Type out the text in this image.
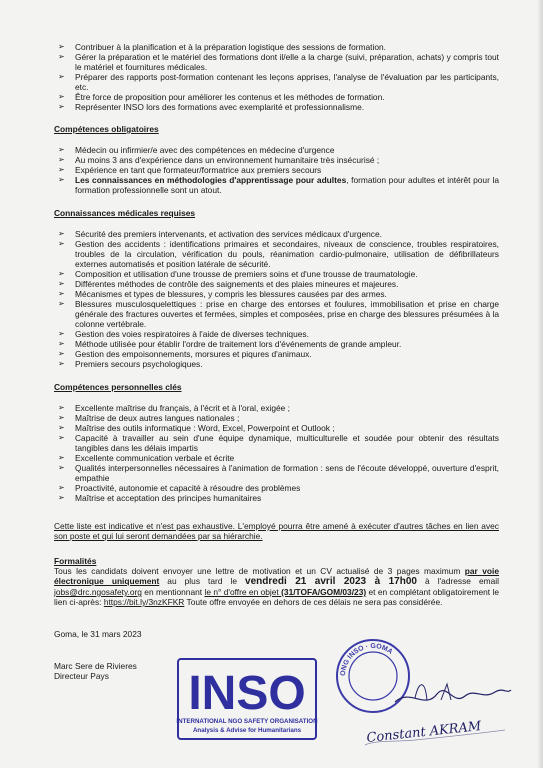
➢ Contribuer à la planification et à la préparation logistique des sessions de formation.
➢ Gérer la préparation et le matériel des formations dont il/elle a la charge (suivi, préparation, achats) y compris tout le matériel et fournitures médicales.
➢ Préparer des rapports post-formation contenant les leçons apprises, l'analyse de l'évaluation par les participants, etc.
➢ Être force de proposition pour améliorer les contenus et les méthodes de formation.
➢ Représenter INSO lors des formations avec exemplarité et professionnalisme.
Compétences obligatoires
➢ Médecin ou infirmier/e avec des compétences en médecine d'urgence
➢ Au moins 3 ans d'expérience dans un environnement humanitaire très insécurisé ;
➢ Expérience en tant que formateur/formatrice aux premiers secours
➢ Les connaissances en méthodologies d'apprentissage pour adultes, formation pour adultes et intérêt pour la formation professionnelle sont un atout.
Connaissances médicales requises
➢ Sécurité des premiers intervenants, et activation des services médicaux d'urgence.
➢ Gestion des accidents : identifications primaires et secondaires, niveaux de conscience, troubles respiratoires, troubles de la circulation, vérification du pouls, réanimation cardio-pulmonaire, utilisation de défibrillateurs externes automatisés et position latérale de sécurité.
➢ Composition et utilisation d'une trousse de premiers soins et d'une trousse de traumatologie.
➢ Différentes méthodes de contrôle des saignements et des plaies mineures et majeures.
➢ Mécanismes et types de blessures, y compris les blessures causées par des armes.
➢ Blessures musculosquelettiques : prise en charge des entorses et foulures, immobilisation et prise en charge générale des fractures ouvertes et fermées, simples et composées, prise en charge des blessures présumées à la colonne vertébrale.
➢ Gestion des voies respiratoires à l'aide de diverses techniques.
➢ Méthode utilisée pour établir l'ordre de traitement lors d'événements de grande ampleur.
➢ Gestion des empoisonnements, morsures et piqures d'animaux.
➢ Premiers secours psychologiques.
Compétences personnelles clés
➢ Excellente maîtrise du français, à l'écrit et à l'oral, exigée ;
➢ Maîtrise de deux autres langues nationales ;
➢ Maîtrise des outils informatique : Word, Excel, Powerpoint et Outlook ;
➢ Capacité à travailler au sein d'une équipe dynamique, multiculturelle et soudée pour obtenir des résultats tangibles dans les délais impartis
➢ Excellente communication verbale et écrite
➢ Qualités interpersonnelles nécessaires à l'animation de formation : sens de l'écoute développé, ouverture d'esprit, empathie
➢ Proactivité, autonomie et capacité à résoudre des problèmes
➢ Maîtrise et acceptation des principes humanitaires
Cette liste est indicative et n'est pas exhaustive. L'employé pourra être amené à exécuter d'autres tâches en lien avec son poste et qui lui seront demandées par sa hiérarchie.
Formalités
Tous les candidats doivent envoyer une lettre de motivation et un CV actualisé de 3 pages maximum par voie électronique uniquement au plus tard le vendredi 21 avril 2023 à 17h00 à l'adresse email jobs@drc.ngosafety.org en mentionnant le n° d'offre en objet (31/TOFA/GOM/03/23) et en complétant obligatoirement le lien ci-après: https://bit.ly/3nzKFKR Toute offre envoyée en dehors de ces délais ne sera pas considérée.
Goma, le 31 mars 2023
Marc Sere de Rivieres
Directeur Pays	INSO
INTERNATIONAL NGO SAFETY ORGANISATION
Analysis & Advise for Humanitarians
ONG INSO · GOMA
Constant AKRAM
